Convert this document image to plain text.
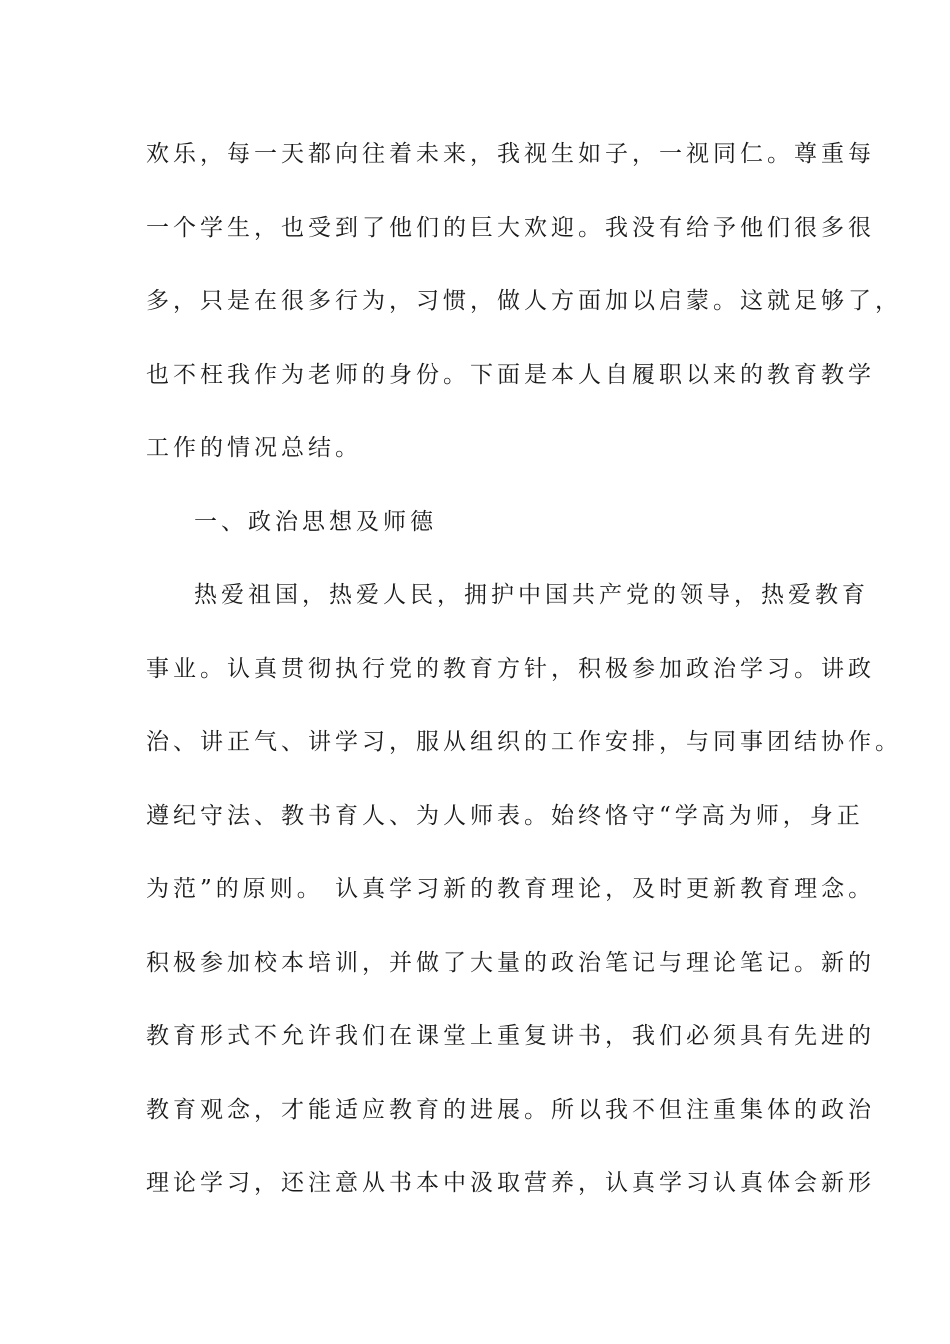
欢乐，每一天都向往着未来，我视生如子，一视同仁。尊重每
一个学生，也受到了他们的巨大欢迎。我没有给予他们很多很
多，只是在很多行为，习惯，做人方面加以启蒙。这就足够了，
也不枉我作为老师的身份。下面是本人自履职以来的教育教学
工作的情况总结。
一、政治思想及师德
热爱祖国，热爱人民，拥护中国共产党的领导，热爱教育
事业。认真贯彻执行党的教育方针，积极参加政治学习。讲政
治、讲正气、讲学习，服从组织的工作安排，与同事团结协作。
遵纪守法、教书育人、为人师表。始终恪守“学高为师，身正
为范”的原则。 认真学习新的教育理论，及时更新教育理念。
积极参加校本培训，并做了大量的政治笔记与理论笔记。新的
教育形式不允许我们在课堂上重复讲书，我们必须具有先进的
教育观念，才能适应教育的进展。所以我不但注重集体的政治
理论学习，还注意从书本中汲取营养，认真学习认真体会新形
